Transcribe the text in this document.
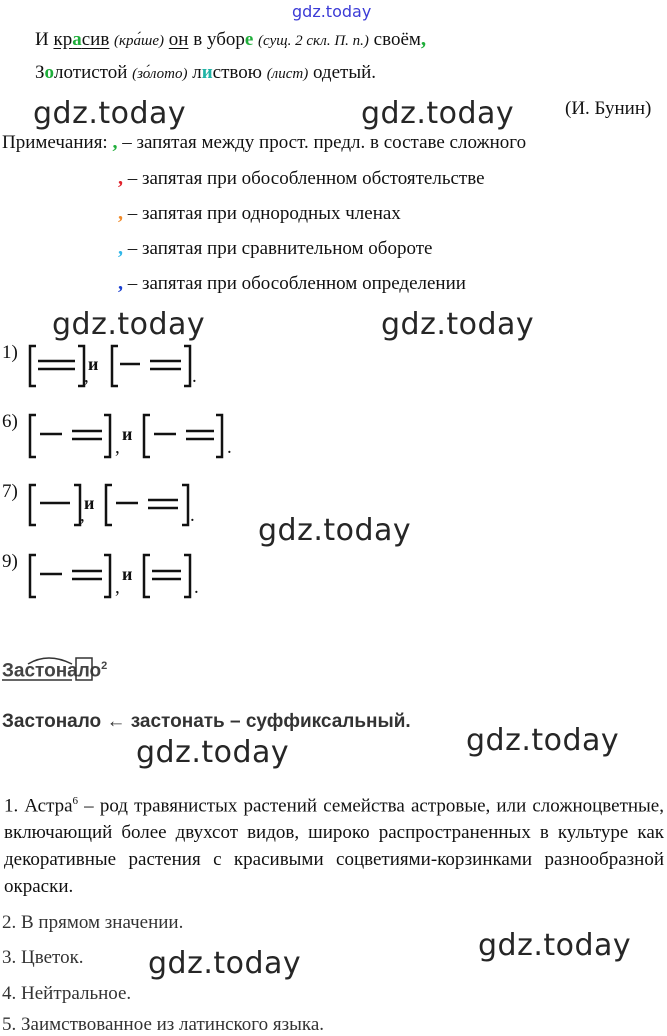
gdz.today
И красив (кра́ше) он в уборе (сущ. 2 скл. П. п.) своём,
Золотистой (зо́лото) листвою (лист) одетый.
gdz.today	gdz.today	(И. Бунин)
Примечания: , – запятая между прост. предл. в составе сложного
, – запятая при обособленном обстоятельстве
, – запятая при однородных членах
, – запятая при сравнительном обороте
, – запятая при обособленном определении
gdz.today	gdz.today
1)
и
,	.
6)
и
,	.
7)
и
,	. gdz.today
9)
и
,	.
Застонало$^2$
Застонало ← застонать – суффиксальный.
gdz.today	gdz.today
1. Астра$^6$ – род травянистых растений семейства астровые, или сложноцветные, включающий более двухсот видов, широко распространенных в культуре как декоративные растения с красивыми соцветиями-корзинками разнообразной окраски.
2. В прямом значении.
3. Цветок.	gdz.today
gdz.today
4. Нейтральное.
5. Заимствованное из латинского языка.
